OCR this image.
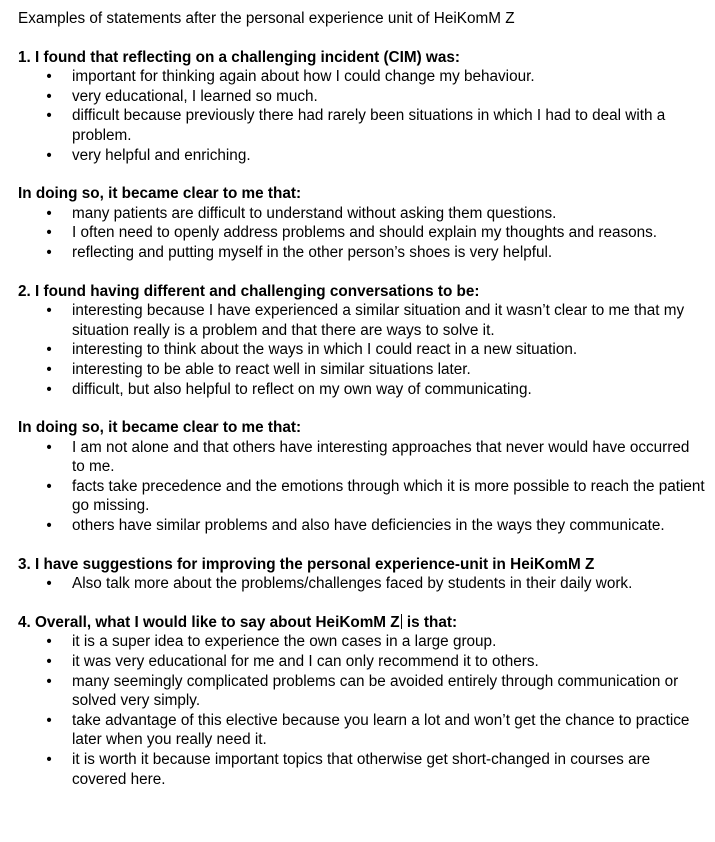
Examples of statements after the personal experience unit of HeiKomM Z

1. I found that reflecting on a challenging incident (CIM) was:

• important for thinking again about how I could change my behaviour.
• very educational, I learned so much.
• difficult because previously there had rarely been situations in which I had to deal with a problem.
• very helpful and enriching.

In doing so, it became clear to me that:

• many patients are difficult to understand without asking them questions.
• I often need to openly address problems and should explain my thoughts and reasons.
• reflecting and putting myself in the other person’s shoes is very helpful.

2. I found having different and challenging conversations to be:

• interesting because I have experienced a similar situation and it wasn’t clear to me that my situation really is a problem and that there are ways to solve it.
• interesting to think about the ways in which I could react in a new situation.
• interesting to be able to react well in similar situations later.
• difficult, but also helpful to reflect on my own way of communicating.

In doing so, it became clear to me that:

• I am not alone and that others have interesting approaches that never would have occurred to me.
• facts take precedence and the emotions through which it is more possible to reach the patient go missing.
• others have similar problems and also have deficiencies in the ways they communicate.

3. I have suggestions for improving the personal experience-unit in HeiKomM Z

• Also talk more about the problems/challenges faced by students in their daily work.

4. Overall, what I would like to say about HeiKomM Z is that:

• it is a super idea to experience the own cases in a large group.
• it was very educational for me and I can only recommend it to others.
• many seemingly complicated problems can be avoided entirely through communication or solved very simply.
• take advantage of this elective because you learn a lot and won’t get the chance to practice later when you really need it.
• it is worth it because important topics that otherwise get short-changed in courses are covered here.
